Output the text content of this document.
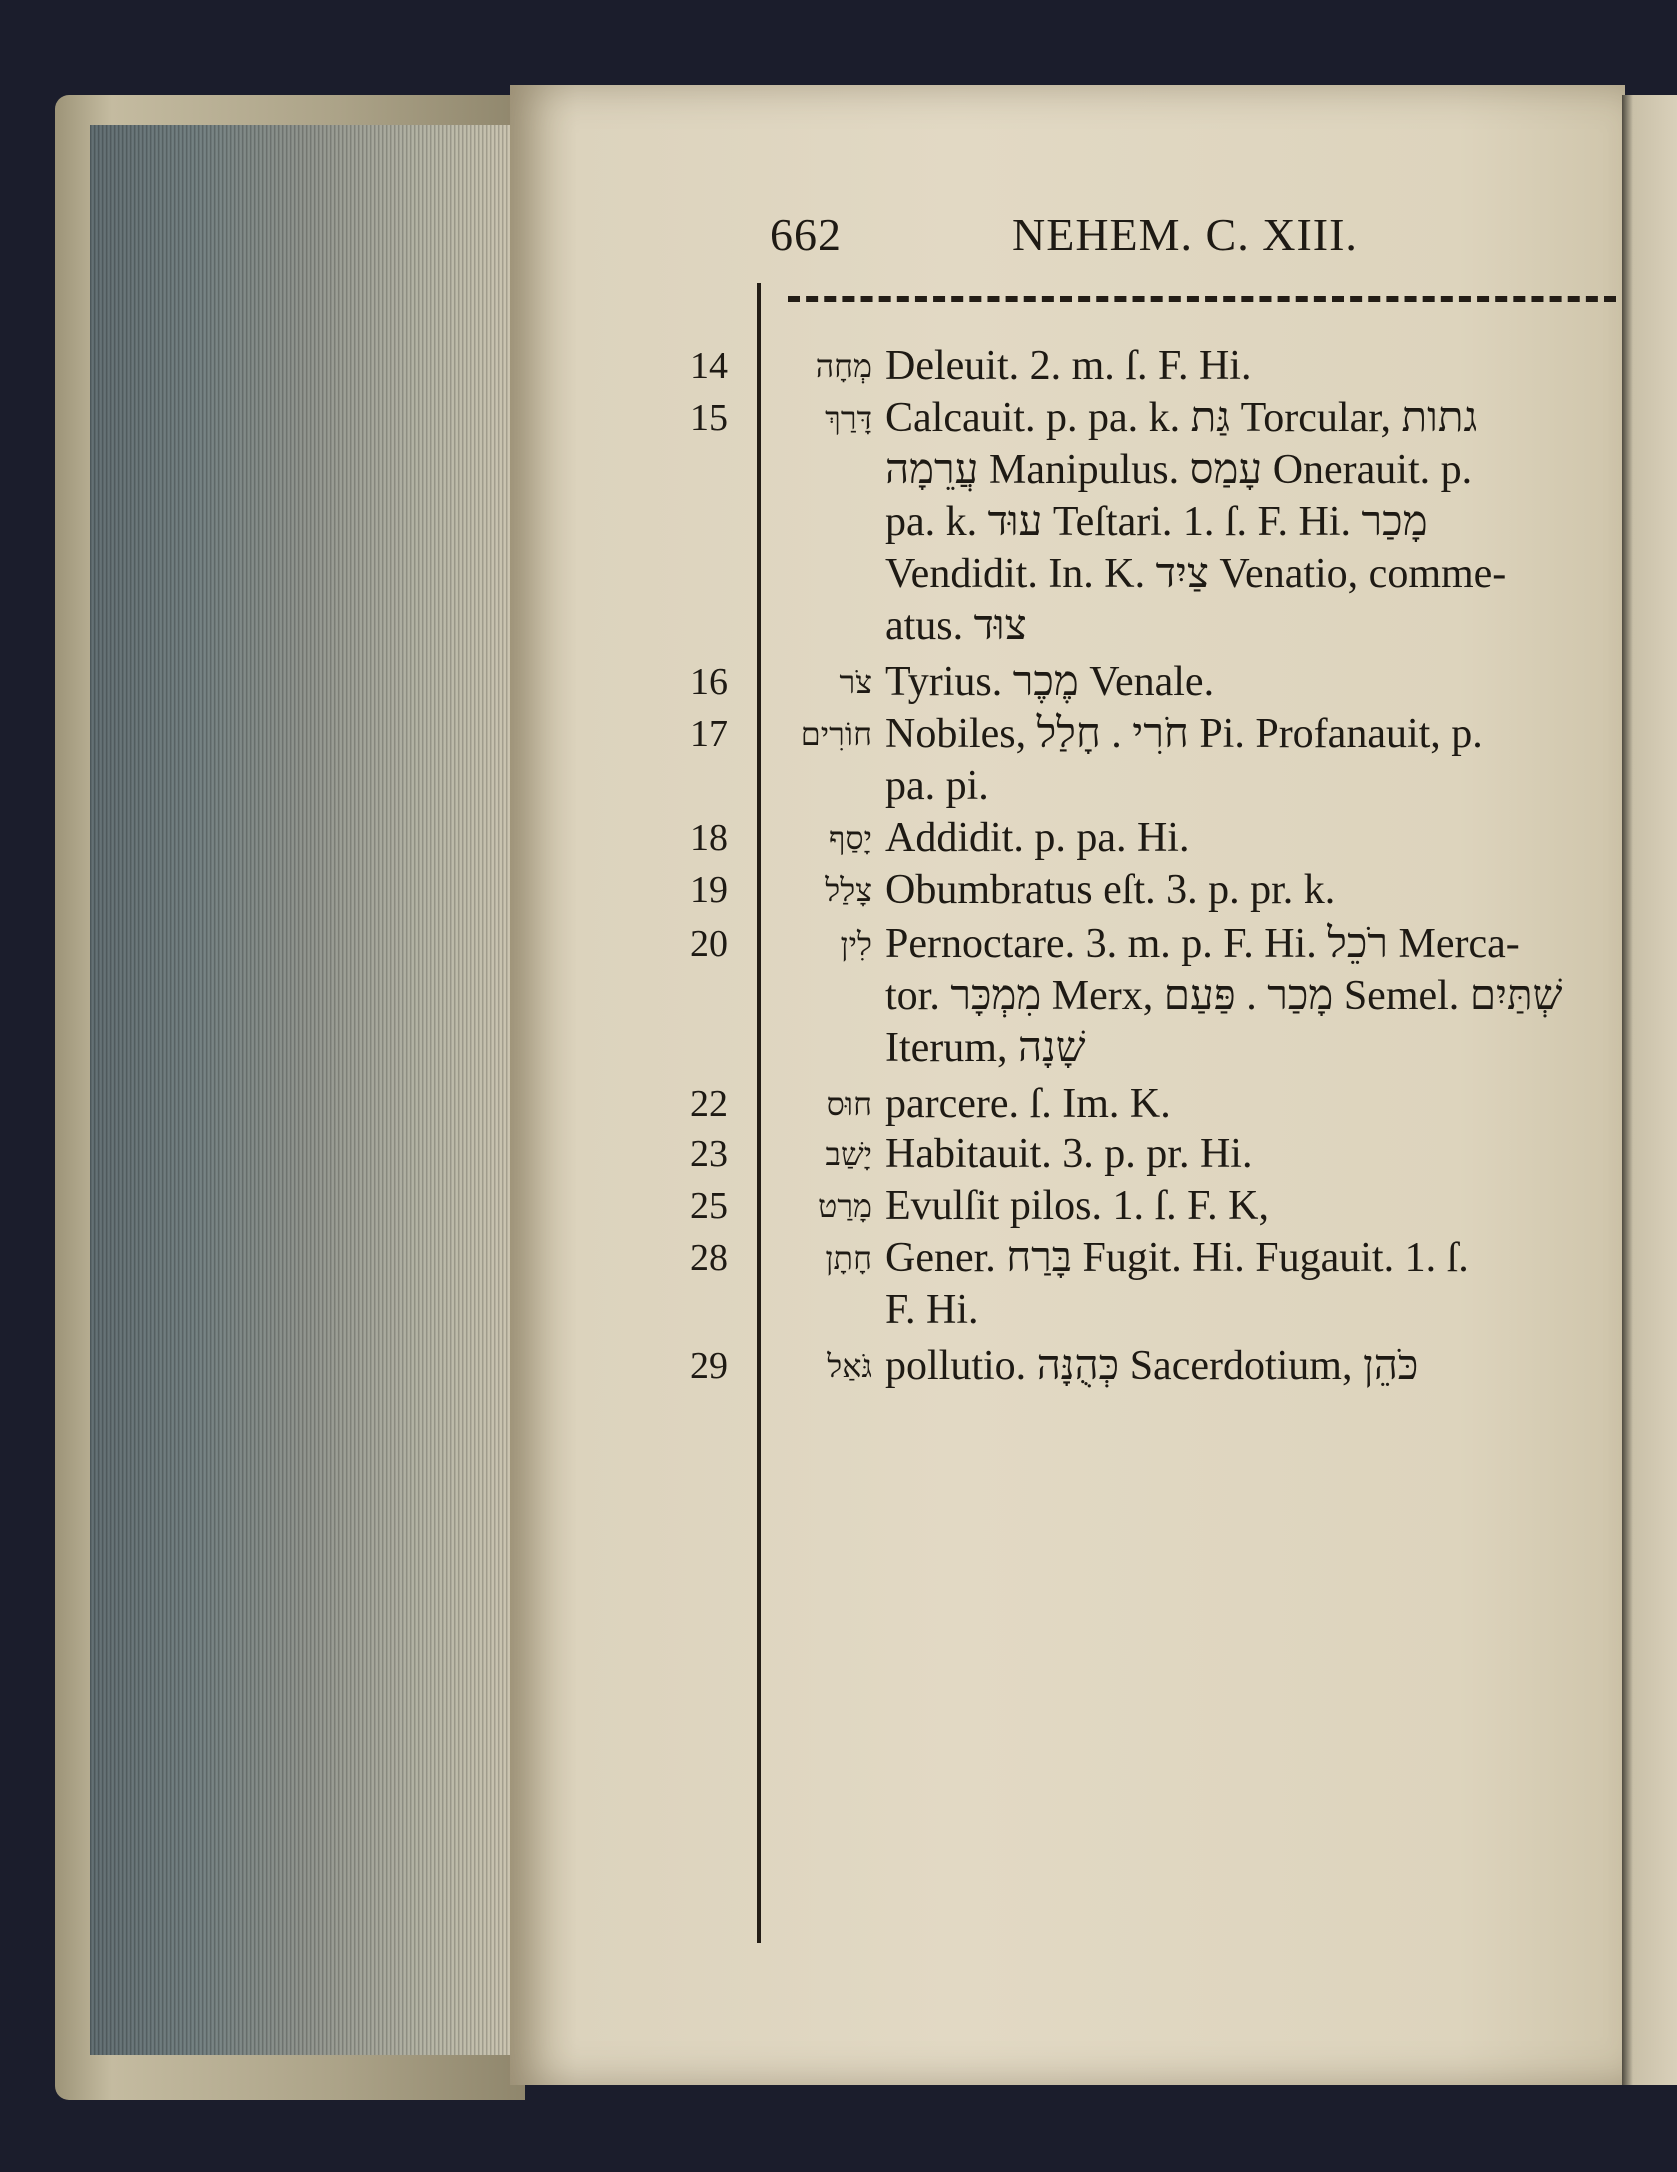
662	NEHEM. C. XIII.
14	מְחָה Deleuit. 2. m. ſ. F. Hi.
15	דָּרַךְ Calcauit. p. pa. k. גַּת Torcular, גתות
עֲרֵמָה Manipulus. עָמַס Onerauit. p.
pa. k. עוּד Teſtari. 1. ſ. F. Hi. מָכַר
Vendidit. In. K. צַיִד Venatio, comme-
atus. צוּד
16	צֹר Tyrius. מֶכֶר Venale.
17	חוֹרִים Nobiles, חֹרִי . חָלַל Pi. Profanauit, p.
pa. pi.
18	יָסַף Addidit. p. pa. Hi.
19	צָלַל Obumbratus eſt. 3. p. pr. k.
20	לִין Pernoctare. 3. m. p. F. Hi. רֹכֵל Merca-
tor. מִמְכָּר Merx, מָכַר . פַּעַם Semel. שְׁתַּיִם
Iterum, שָׁנָה
22	חוּס parcere. ſ. Im. K.
23	יָשַׁב Habitauit. 3. p. pr. Hi.
25	מָרַט Evulſit pilos. 1. ſ. F. K,
28	חָתָן Gener. בָּרַח Fugit. Hi. Fugauit. 1. ſ.
F. Hi.
29	גֹּאַל pollutio. כְּהֻנָּה Sacerdotium, כֹּהֵן
